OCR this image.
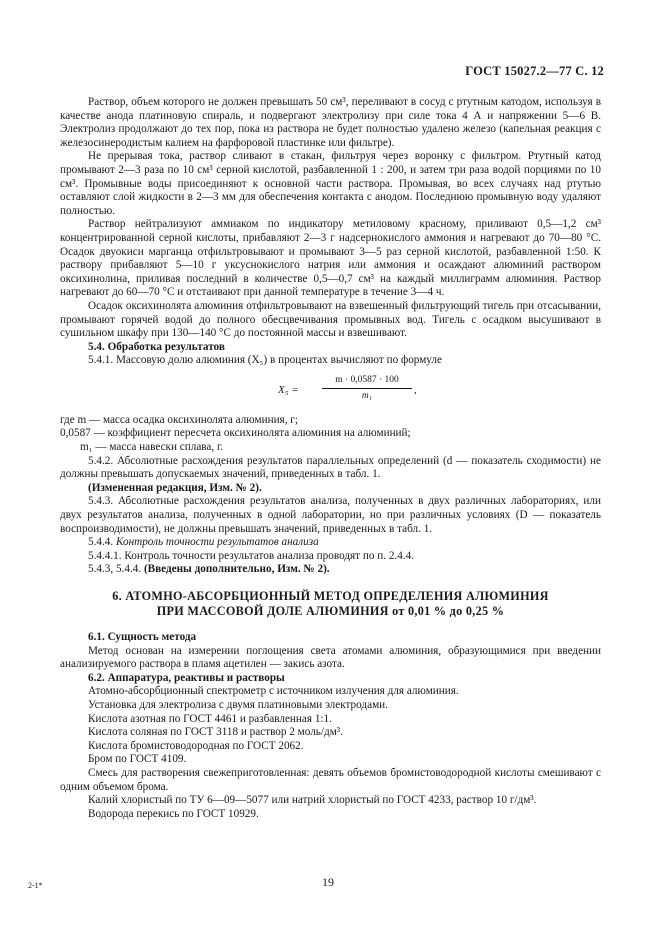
ГОСТ 15027.2—77 С. 12

Раствор, объем которого не должен превышать 50 см³, переливают в сосуд с ртутным катодом, используя в качестве анода платиновую спираль, и подвергают электролизу при силе тока 4 А и напряжении 5—6 В. Электролиз продолжают до тех пор, пока из раствора не будет полностью удалено железо (капельная реакция с железосинеродистым калием на фарфоровой пластинке или фильтре).

Не прерывая тока, раствор сливают в стакан, фильтруя через воронку с фильтром. Ртутный катод промывают 2—3 раза по 10 см³ серной кислотой, разбавленной 1 : 200, и затем три раза водой порциями по 10 см³. Промывные воды присоединяют к основной части раствора. Промывая, во всех случаях над ртутью оставляют слой жидкости в 2—3 мм для обеспечения контакта с анодом. Последнюю промывную воду удаляют полностью.

Раствор нейтрализуют аммиаком по индикатору метиловому красному, приливают 0,5—1,2 см³ концентрированной серной кислоты, прибавляют 2—3 г надсернокислого аммония и нагревают до 70—80 °С. Осадок двуокиси марганца отфильтровывают и промывают 3—5 раз серной кислотой, разбавленной 1:50. К раствору прибавляют 5—10 г уксуснокислого натрия или аммония и осаждают алюминий раствором оксихинолина, приливая последний в количестве 0,5—0,7 см³ на каждый миллиграмм алюминия. Раствор нагревают до 60—70 °С и отстаивают при данной температуре в течение 3—4 ч.

Осадок оксихинолята алюминия отфильтровывают на взвешенный фильтрующий тигель при отсасывании, промывают горячей водой до полного обесцвечивания промывных вод. Тигель с осадком высушивают в сушильном шкафу при 130—140 °С до постоянной массы и взвешивают.

5.4. Обработка результатов

5.4.1. Массовую долю алюминия (X₅) в процентах вычисляют по формуле

$X_5 = \frac{m \cdot 0,0587 \cdot 100}{\text{m₁}}$ ,

где m — масса осадка оксихинолята алюминия, г;

0,0587 — коэффициент пересчета оксихинолята алюминия на алюминий;

m₁ — масса навески сплава, г.

5.4.2. Абсолютные расхождения результатов параллельных определений (d — показатель сходимости) не должны превышать допускаемых значений, приведенных в табл. 1.

(Измененная редакция, Изм. № 2).

5.4.3. Абсолютные расхождения результатов анализа, полученных в двух различных лабораториях, или двух результатов анализа, полученных в одной лаборатории, но при различных условиях (D — показатель воспроизводимости), не должны превышать значений, приведенных в табл. 1.

5.4.4. Контроль точности результатов анализа

5.4.4.1. Контроль точности результатов анализа проводят по п. 2.4.4.

5.4.3, 5.4.4. (Введены дополнительно, Изм. № 2).

6. АТОМНО-АБСОРБЦИОННЫЙ МЕТОД ОПРЕДЕЛЕНИЯ АЛЮМИНИЯ
ПРИ МАССОВОЙ ДОЛЕ АЛЮМИНИЯ от 0,01 % до 0,25 %

6.1. Сущность метода

Метод основан на измерении поглощения света атомами алюминия, образующимися при введении анализируемого раствора в пламя ацетилен — закись азота.

6.2. Аппаратура, реактивы и растворы

Атомно-абсорбционный спектрометр с источником излучения для алюминия.

Установка для электролиза с двумя платиновыми электродами.

Кислота азотная по ГОСТ 4461 и разбавленная 1:1.

Кислота соляная по ГОСТ 3118 и раствор 2 моль/дм³.

Кислота бромистоводородная по ГОСТ 2062.

Бром по ГОСТ 4109.

Смесь для растворения свежеприготовленная: девять объемов бромистоводородной кислоты смешивают с одним объемом брома.

Калий хлористый по ТУ 6—09—5077 или натрий хлористый по ГОСТ 4233, раствор 10 г/дм³.

Водорода перекись по ГОСТ 10929.

2-1*	19
